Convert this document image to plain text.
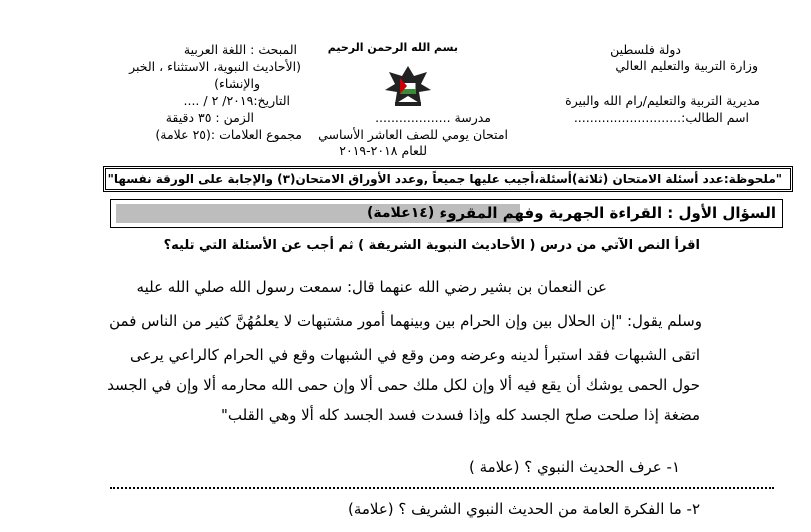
دولة فلسطين
وزارة التربية والتعليم العالي
مديرية التربية والتعليم/رام الله والبيرة
اسم الطالب:...........................
بسم الله الرحمن الرحيم
مدرسة ...................
امتحان يومي للصف العاشر الأساسي
للعام ٢٠١٨-٢٠١٩
المبحث : اللغة العربية
(الأحاديث النبوية، الاستثناء ، الخبر
والإنشاء)
التاريخ:٢٠١٩/ ٢ / ....
الزمن : ٣٥ دقيقة
مجموع العلامات :(٢٥ علامة)
"ملحوظة:عدد أسئلة الامتحان (ثلاثة)أسئلة،أجيب عليها جميعاً ,وعدد الأوراق الامتحان(٣) والإجابة على الورقة نفسها"
السؤال الأول : القراءة الجهرية وفهم المقروء
(١٤علامة)
اقرأ النص الآتي من درس ( الأحاديث النبوية الشريفة ) ثم أجب عن الأسئلة التي تليه؟
عن النعمان بن بشير رضي الله عنهما قال: سمعت رسول الله صلي الله عليه
وسلم يقول: "إن الحلال بين وإن الحرام بين وبينهما أمور مشتبهات لا يعلمُهُنَّ كثير من الناس فمن
اتقى الشبهات فقد استبرأ لدينه وعرضه ومن وقع في الشبهات وقع في الحرام كالراعي يرعى
حول الحمى يوشك أن يقع فيه ألا وإن لكل ملك حمى ألا وإن حمى الله محارمه ألا وإن في الجسد
مضغة إذا صلحت صلح الجسد كله وإذا فسدت فسد الجسد كله ألا وهي القلب"
١- عرف الحديث النبوي ؟ (علامة )
٢- ما الفكرة العامة من الحديث النبوي الشريف ؟ (علامة)
